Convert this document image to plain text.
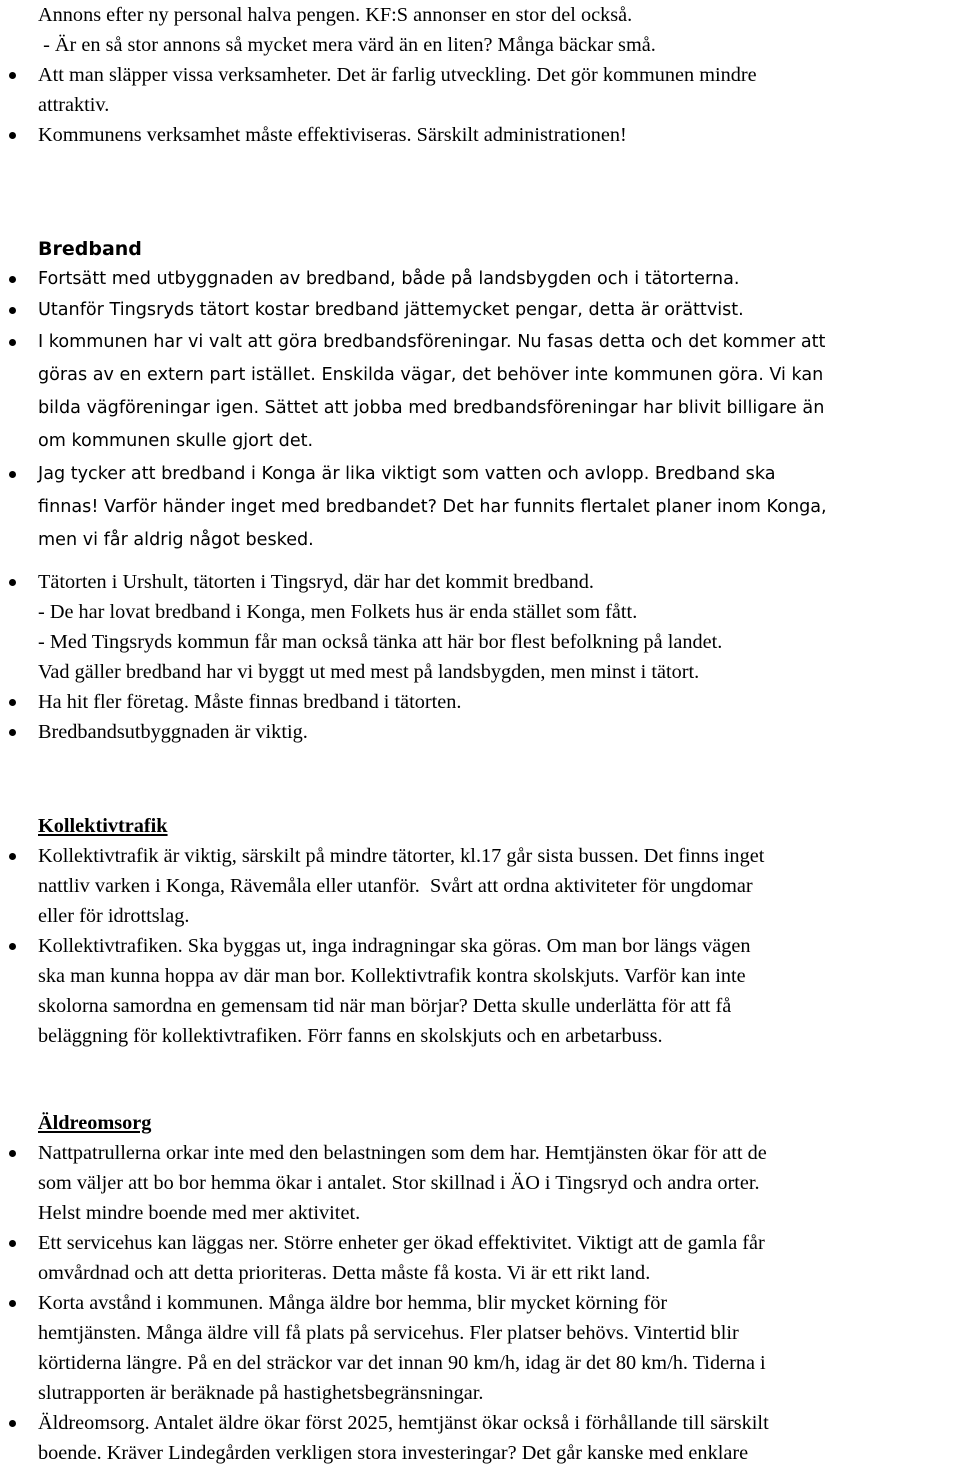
Annons efter ny personal halva pengen. KF:S annonser en stor del också.
- Är en så stor annons så mycket mera värd än en liten? Många bäckar små.
Att man släpper vissa verksamheter. Det är farlig utveckling. Det gör kommunen mindre
attraktiv.
Kommunens verksamhet måste effektiviseras. Särskilt administrationen!
Bredband
Fortsätt med utbyggnaden av bredband, både på landsbygden och i tätorterna.
Utanför Tingsryds tätort kostar bredband jättemycket pengar, detta är orättvist.
I kommunen har vi valt att göra bredbandsföreningar. Nu fasas detta och det kommer att
göras av en extern part istället. Enskilda vägar, det behöver inte kommunen göra. Vi kan
bilda vägföreningar igen. Sättet att jobba med bredbandsföreningar har blivit billigare än
om kommunen skulle gjort det.
Jag tycker att bredband i Konga är lika viktigt som vatten och avlopp. Bredband ska
finnas! Varför händer inget med bredbandet? Det har funnits flertalet planer inom Konga,
men vi får aldrig något besked.
Tätorten i Urshult, tätorten i Tingsryd, där har det kommit bredband.
- De har lovat bredband i Konga, men Folkets hus är enda stället som fått.
- Med Tingsryds kommun får man också tänka att här bor flest befolkning på landet.
Vad gäller bredband har vi byggt ut med mest på landsbygden, men minst i tätort.
Ha hit fler företag. Måste finnas bredband i tätorten.
Bredbandsutbyggnaden är viktig.
Kollektivtrafik
Kollektivtrafik är viktig, särskilt på mindre tätorter, kl.17 går sista bussen. Det finns inget
nattliv varken i Konga, Rävemåla eller utanför.  Svårt att ordna aktiviteter för ungdomar
eller för idrottslag.
Kollektivtrafiken. Ska byggas ut, inga indragningar ska göras. Om man bor längs vägen
ska man kunna hoppa av där man bor. Kollektivtrafik kontra skolskjuts. Varför kan inte
skolorna samordna en gemensam tid när man börjar? Detta skulle underlätta för att få
beläggning för kollektivtrafiken. Förr fanns en skolskjuts och en arbetarbuss.
Äldreomsorg
Nattpatrullerna orkar inte med den belastningen som dem har. Hemtjänsten ökar för att de
som väljer att bo bor hemma ökar i antalet. Stor skillnad i ÄO i Tingsryd och andra orter.
Helst mindre boende med mer aktivitet.
Ett servicehus kan läggas ner. Större enheter ger ökad effektivitet. Viktigt att de gamla får
omvårdnad och att detta prioriteras. Detta måste få kosta. Vi är ett rikt land.
Korta avstånd i kommunen. Många äldre bor hemma, blir mycket körning för
hemtjänsten. Många äldre vill få plats på servicehus. Fler platser behövs. Vintertid blir
körtiderna längre. På en del sträckor var det innan 90 km/h, idag är det 80 km/h. Tiderna i
slutrapporten är beräknade på hastighetsbegränsningar.
Äldreomsorg. Antalet äldre ökar först 2025, hemtjänst ökar också i förhållande till särskilt
boende. Kräver Lindegården verkligen stora investeringar? Det går kanske med enklare
